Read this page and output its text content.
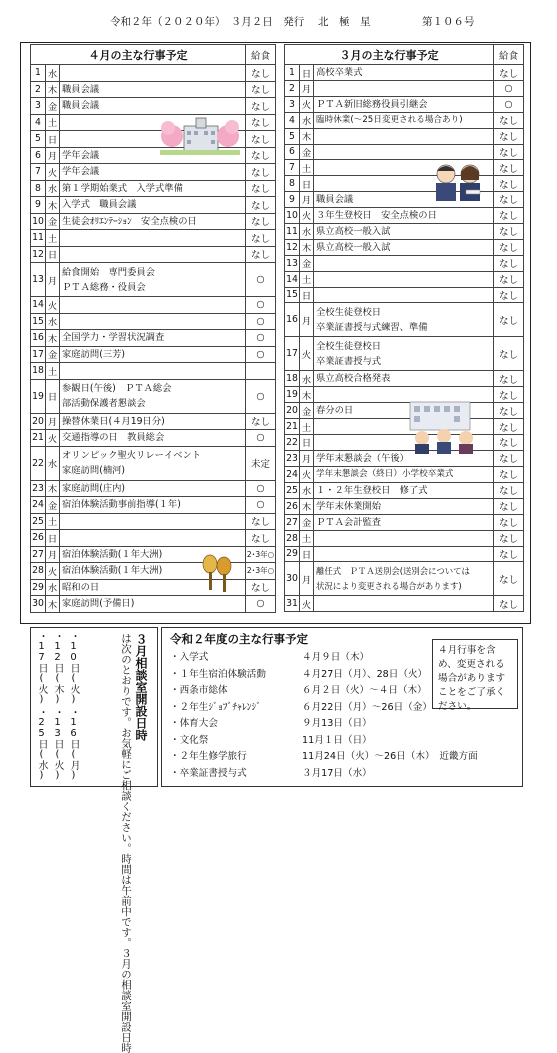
令和２年（２０２０年）　３月２日　発行 北　極　星	第１０６号
４月の主な行事予定			給食
1	水		なし
2	木	職員会議	なし
3	金	職員会議	なし
4	土		なし
5	日		なし
6	月	学年会議	なし
7	火	学年会議	なし
8	水	第１学期始業式　入学式準備	なし
9	木	入学式　職員会議	なし
10	金	生徒会ｵﾘｴﾝﾃｰｼｮﾝ　安全点検の日	なし
11	土		なし
12	日		なし
13	月	給食開始　専門委員会
ＰＴＡ総務・役員会	○
14	火		○
15	水		○
16	木	全国学力・学習状況調査	○
17	金	家庭訪問(三芳)	○
18	土	

19	日	参観日(午後)　ＰＴＡ総会
部活動保護者懇談会	○
20	月	操替休業日(４月19日分)	なし
21	火	交通指導の日　教員総会	○
22	水	オリンピック聖火リレーイベント
家庭訪問(楠河)	未定
23	木	家庭訪問(庄内)	○
24	金	宿泊体験活動事前指導(１年)	○
25	土		なし
26	日		なし
27	月	宿泊体験活動(１年大洲)	2･3年○
28	火	宿泊体験活動(１年大洲)	2･3年○
29	水	昭和の日	なし
30	木	家庭訪問(予備日)	○
３月の主な行事予定			給食
1	日	高校卒業式	なし
2	月		○
3	火	ＰＴＡ新旧総務役員引継会	○
4	水	臨時休業(～25日変更される場合あり)	なし
5	木		なし
6	金		なし
7	土		なし
8	日		なし
9	月	職員会議	なし
10	火	３年生登校日　安全点検の日	なし
11	水	県立高校一般入試	なし
12	木	県立高校一般入試	なし
13	金		なし
14	土		なし
15	日		なし
16	月	全校生徒登校日
卒業証書授与式練習、準備	なし
17	火	全校生徒登校日
卒業証書授与式	なし
18	水	県立高校合格発表	なし
19	木		なし
20	金	春分の日	なし
21	土		なし
22	日		なし
23	月	学年末懇談会（午後）	なし
24	火	学年末懇談会（終日）小学校卒業式	なし
25	水	１・２年生登校日　修了式	なし
26	木	学年末休業開始	なし
27	金	ＰＴＡ会計監査	なし
28	土		なし
29	日		なし
30	月	離任式　ＰＴＡ送別会(送別会については
状況により変更される場合があります)	なし
31	火		なし
３月相談室開設日時
は次のとおりです。お気軽にご相談ください。時間は午前中です。３月の相談室開設日時
・10日(火)
・12日(木)
・17日(火)
・16日(月)
・13日(火)
・25日(水)
令和２年度の主な行事予定
・入学式	４月９日（木）
・１年生宿泊体験活動	４月27日（月）、28日（火）
・西条市総体	６月２日（火）～４日（木）
・２年生ｼﾞｮﾌﾞﾁｬﾚﾝｼﾞ	６月22日（月）～26日（金）
・体育大会	９月13日（日）
・文化祭	11月１日（日）
・２年生修学旅行	11月24日（火）～26日（木）　近畿方面
・卒業証書授与式	３月17日（水）
４月行事を含め、変更される場合がありますことをご了承ください。
